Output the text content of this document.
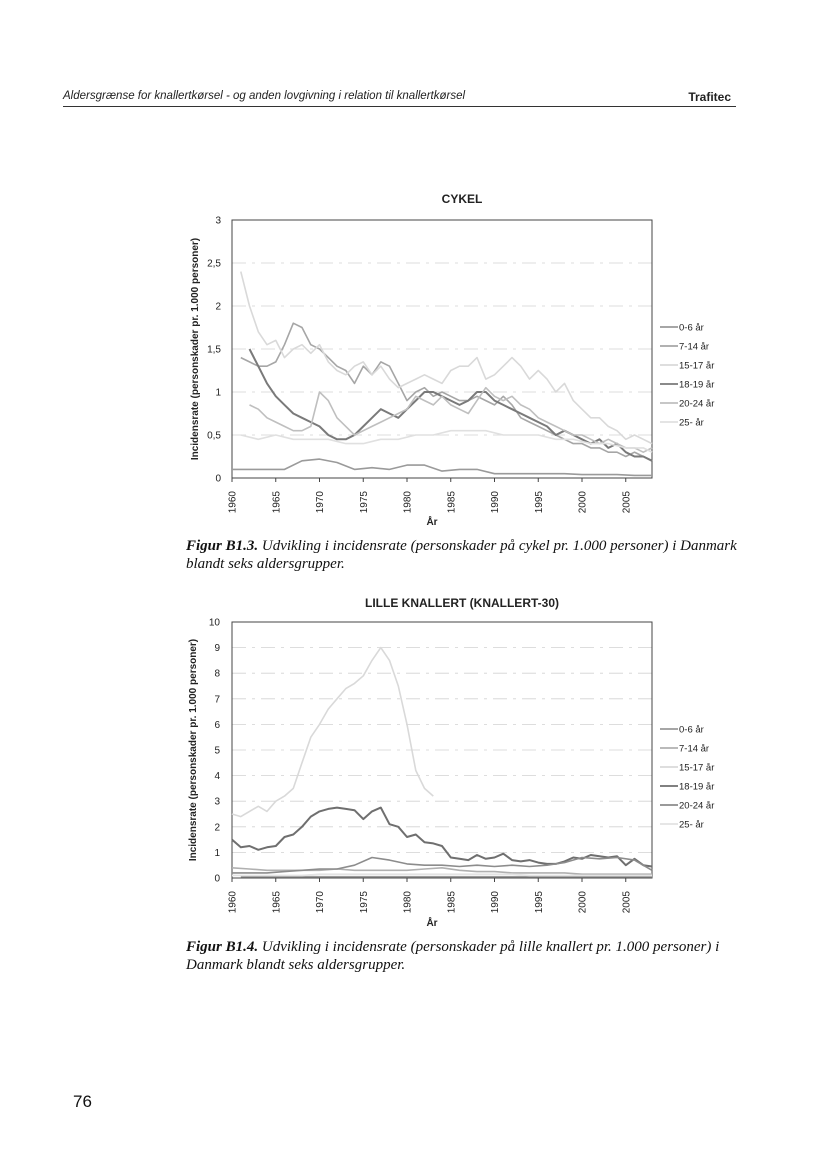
Aldersgrænse for knallertkørsel - og anden lovgivning i relation til knallertkørsel	Trafitec
CYKEL
0
0,5
1
1,5
2
2,5
3
1960	1965	1970	1975	1980	1985	1990	1995	2000	2005
År
Incidensrate (personskader pr. 1.000 personer)	0-6 år
7-14 år
15-17 år
18-19 år
20-24 år
25- år
LILLE KNALLERT (KNALLERT-30)
0
1
2
3
4
5
6
7
8
9
10
1960	1965	1970	1975	1980	1985	1990	1995	2000	2005
År
Incidensrate (personskader pr. 1.000 personer)	0-6 år
7-14 år
15-17 år
18-19 år
20-24 år
25- år
Figur B1.3. Udvikling i incidensrate (personskader på cykel pr. 1.000 personer) i Danmark blandt seks aldersgrupper.
Figur B1.4. Udvikling i incidensrate (personskader på lille knallert pr. 1.000 personer) i Danmark blandt seks aldersgrupper.
76
